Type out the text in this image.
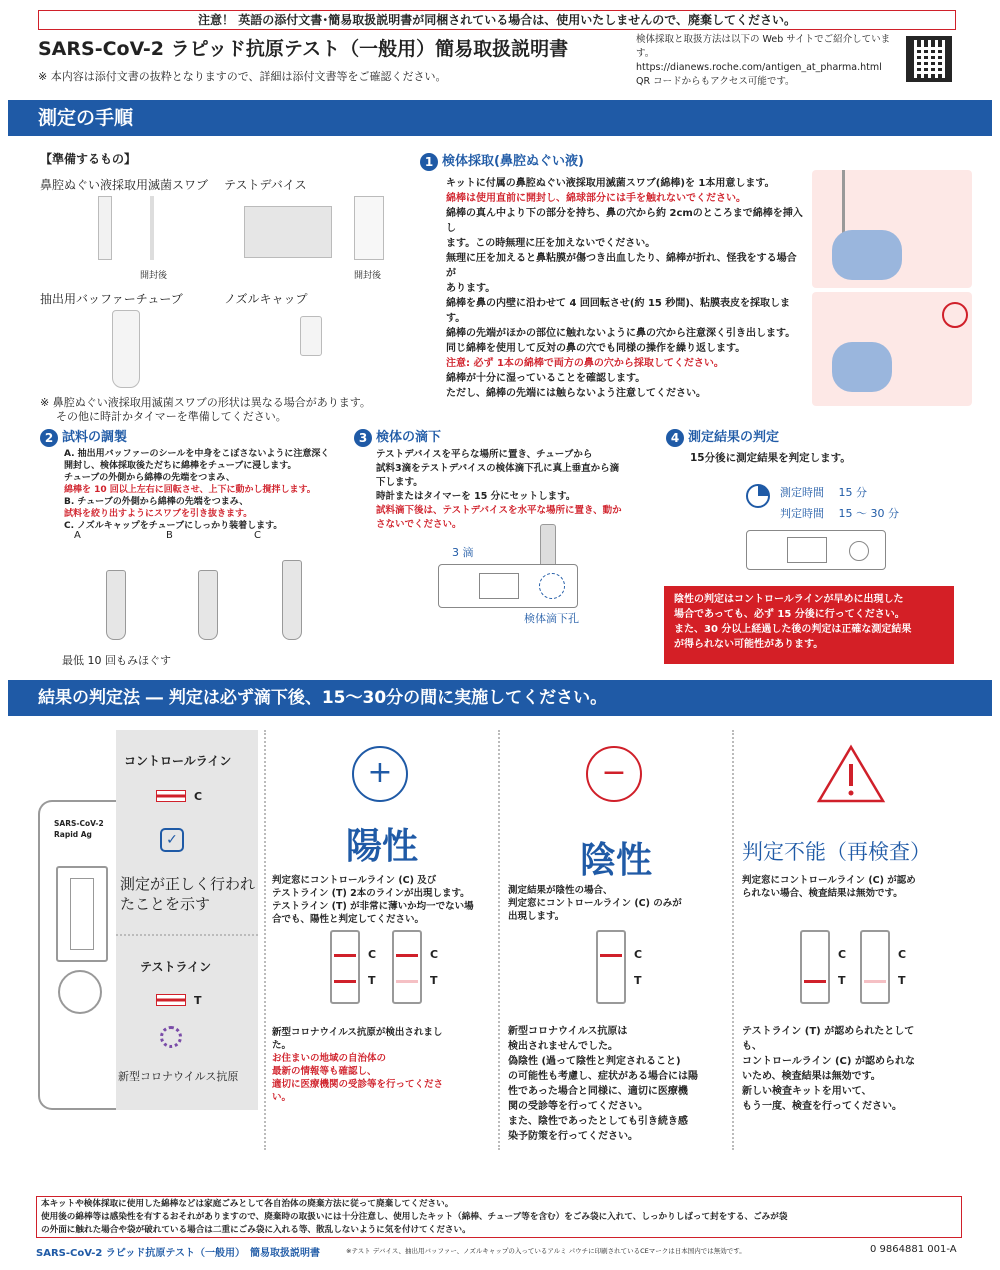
注意！ 英語の添付文書･簡易取扱説明書が同梱されている場合は、使用いたしませんので、廃棄してください。
SARS-CoV-2 ラピッド抗原テスト（一般用）簡易取扱説明書
※ 本内容は添付文書の抜粋となりますので、詳細は添付文書等をご確認ください。
検体採取と取扱方法は以下の Web サイトでご紹介しています。
https://dianews.roche.com/antigen_at_pharma.html
QR コードからもアクセス可能です。
測定の手順
【準備するもの】
鼻腔ぬぐい液採取用滅菌スワブ テストデバイス
開封後	開封後
抽出用バッファーチューブ	ノズルキャップ
※ 鼻腔ぬぐい液採取用滅菌スワブの形状は異なる場合があります。
その他に時計かタイマーを準備してください。
1 検体採取(鼻腔ぬぐい液)
キットに付属の鼻腔ぬぐい液採取用滅菌スワブ(綿棒)を 1本用意します。
綿棒は使用直前に開封し、綿球部分には手を触れないでください。
綿棒の真ん中より下の部分を持ち、鼻の穴から約 2cmのところまで綿棒を挿入し
ます。この時無理に圧を加えないでください。
無理に圧を加えると鼻粘膜が傷つき出血したり、綿棒が折れ、怪我をする場合が
あります。
綿棒を鼻の内壁に沿わせて 4 回回転させ(約 15 秒間)、粘膜表皮を採取しま
す。
綿棒の先端がほかの部位に触れないように鼻の穴から注意深く引き出します。
同じ綿棒を使用して反対の鼻の穴でも同様の操作を繰り返します。
注意: 必ず 1本の綿棒で両方の鼻の穴から採取してください。
綿棒が十分に湿っていることを確認します。
ただし、綿棒の先端には触らないよう注意してください。
2 試料の調製
A. 抽出用バッファーのシールを中身をこぼさないように注意深く
開封し、検体採取後ただちに綿棒をチューブに浸します。
チューブの外側から綿棒の先端をつまみ、
綿棒を 10 回以上左右に回転させ、上下に動かし撹拌します。
B. チューブの外側から綿棒の先端をつまみ、
試料を絞り出すようにスワブを引き抜きます。
C. ノズルキャップをチューブにしっかり装着します。
A	B	C
最低 10 回もみほぐす
3 検体の滴下
テストデバイスを平らな場所に置き、チューブから
試料3滴をテストデバイスの検体滴下孔に真上垂直から滴
下します。
時計またはタイマーを 15 分にセットします。
試料滴下後は、テストデバイスを水平な場所に置き、動か
さないでください。
3 滴
検体滴下孔
4 測定結果の判定
15分後に測定結果を判定します。
測定時間　 15 分
判定時間　 15 ～ 30 分
陰性の判定はコントロールラインが早めに出現した
場合であっても、必ず 15 分後に行ってください。
また、30 分以上経過した後の判定は正確な測定結果
が得られない可能性があります。
結果の判定法 ― 判定は必ず滴下後、15～30分の間に実施してください。
コントロールライン
C
✓
測定が正しく行われたことを示す
テストライン
T
新型コロナウイルス抗原
SARS-CoV-2
Rapid Ag
+
陽性
判定窓にコントロールライン (C) 及び
テストライン (T) 2本のラインが出現します。
テストライン (T) が非常に薄いか均一でない場
合でも、陽性と判定してください。
C
T
C
T
新型コロナウイルス抗原が検出されまし
た。
お住まいの地域の自治体の
最新の情報等も確認し、
適切に医療機関の受診等を行ってくださ
い。
−
陰性
測定結果が陰性の場合、
判定窓にコントロールライン (C) のみが
出現します。
C
T
新型コロナウイルス抗原は
検出されませんでした。
偽陰性 (過って陰性と判定されること)
の可能性も考慮し、症状がある場合には陽
性であった場合と同様に、適切に医療機
関の受診等を行ってください。
また、陰性であったとしても引き続き感
染予防策を行ってください。
判定不能（再検査）
判定窓にコントロールライン (C) が認め
られない場合、検査結果は無効です。
C
T
C
T
テストライン (T) が認められたとして
も、
コントロールライン (C) が認められな
いため、検査結果は無効です。
新しい検査キットを用いて、
もう一度、検査を行ってください。
本キットや検体採取に使用した綿棒などは家庭ごみとして各自治体の廃棄方法に従って廃棄してください。
使用後の綿棒等は感染性を有するおそれがありますので、廃棄時の取扱いには十分注意し、使用したキット（綿棒、チューブ等を含む）をごみ袋に入れて、しっかりしばって封をする、ごみが袋
の外面に触れた場合や袋が破れている場合は二重にごみ袋に入れる等、散乱しないように気を付けてください。
SARS-CoV-2 ラピッド抗原テスト（一般用）　簡易取扱説明書	※テスト デバイス、抽出用バッファー、ノズルキャップの入っているアルミ パウチに印刷されているCEマークは日本国内では無効です。	0 9864881 001-A
